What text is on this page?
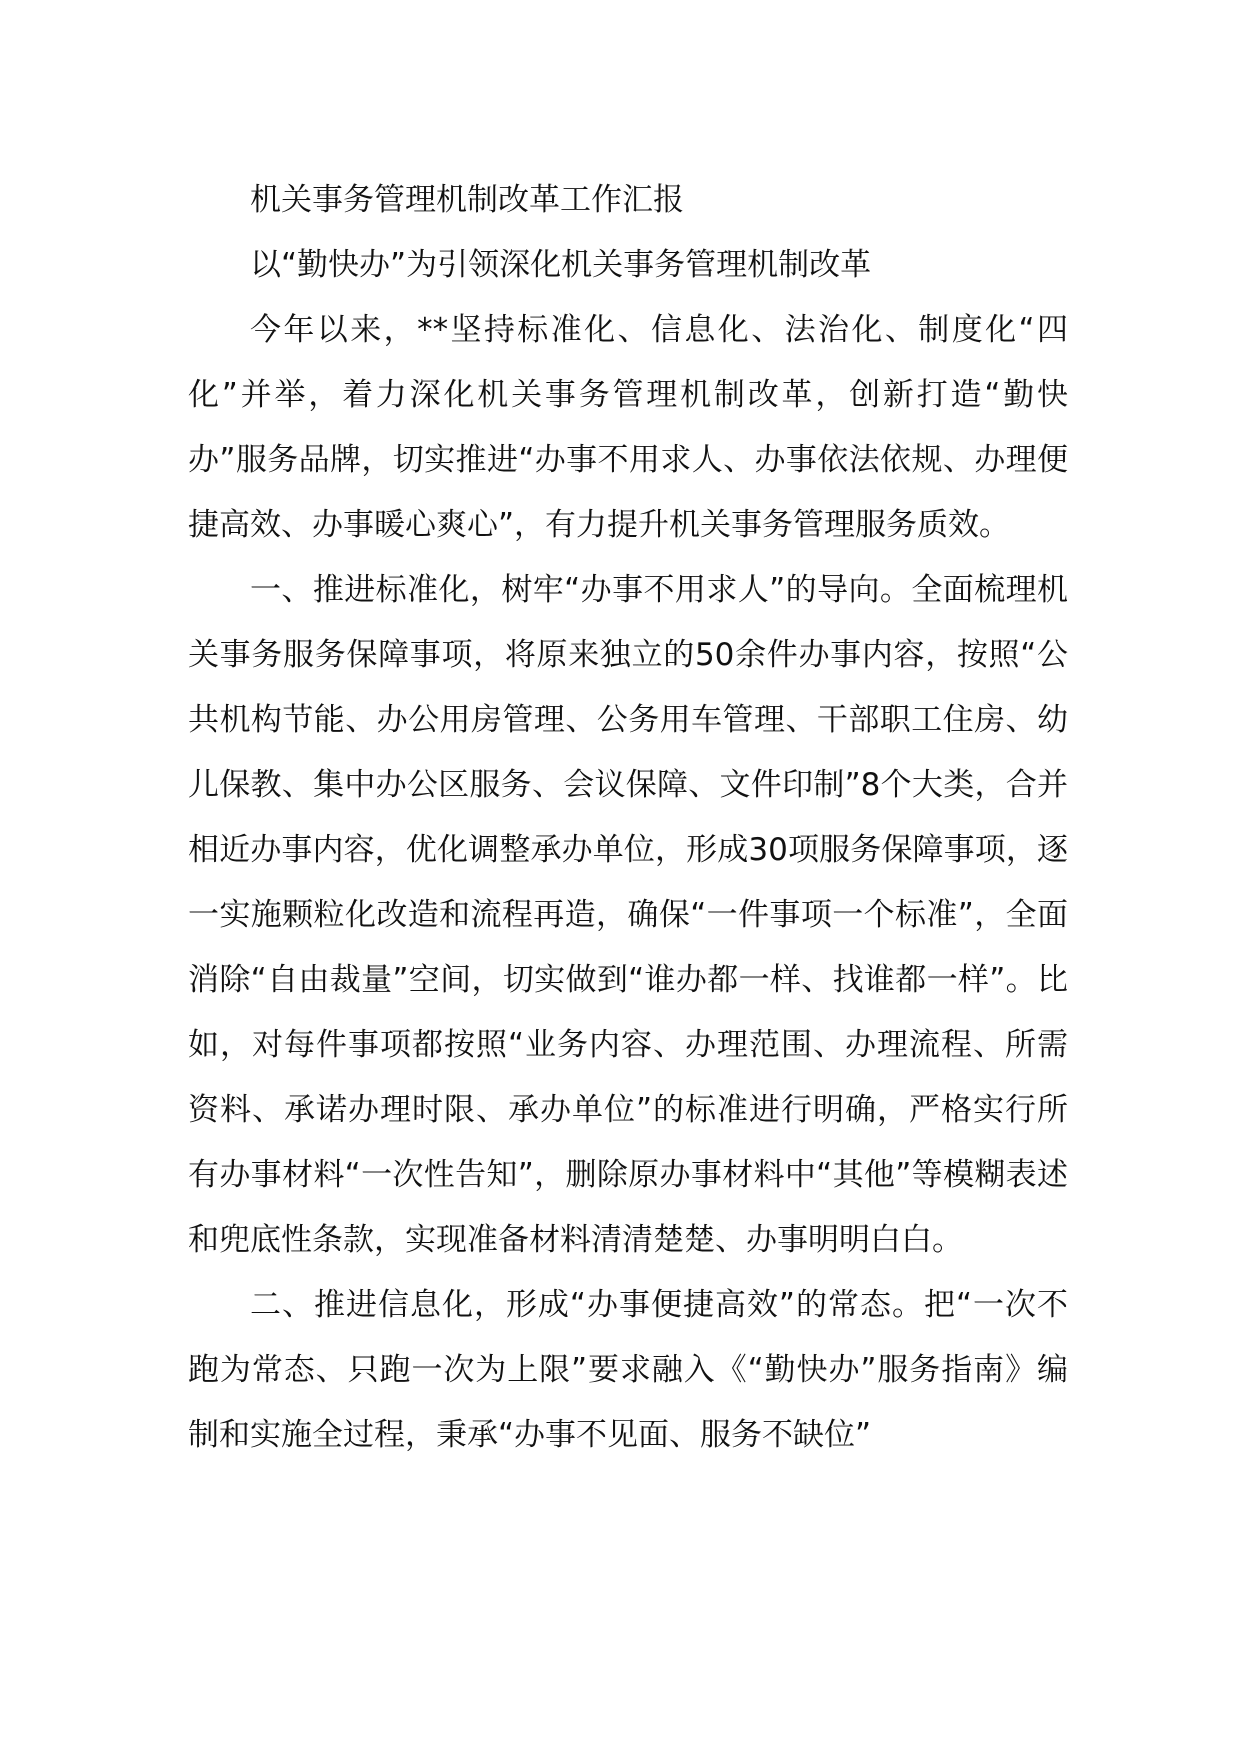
机关事务管理机制改革工作汇报

以“勤快办”为引领深化机关事务管理机制改革

今年以来，**坚持标准化、信息化、法治化、制度化“四化”并举，着力深化机关事务管理机制改革，创新打造“勤快办”服务品牌，切实推进“办事不用求人、办事依法依规、办理便捷高效、办事暖心爽心”，有力提升机关事务管理服务质效。

一、推进标准化，树牢“办事不用求人”的导向。全面梳理机关事务服务保障事项，将原来独立的50余件办事内容，按照“公共机构节能、办公用房管理、公务用车管理、干部职工住房、幼儿保教、集中办公区服务、会议保障、文件印制”8个大类，合并相近办事内容，优化调整承办单位，形成30项服务保障事项，逐一实施颗粒化改造和流程再造，确保“一件事项一个标准”，全面消除“自由裁量”空间，切实做到“谁办都一样、找谁都一样”。比如，对每件事项都按照“业务内容、办理范围、办理流程、所需资料、承诺办理时限、承办单位”的标准进行明确，严格实行所有办事材料“一次性告知”，删除原办事材料中“其他”等模糊表述和兜底性条款，实现准备材料清清楚楚、办事明明白白。

二、推进信息化，形成“办事便捷高效”的常态。把“一次不跑为常态、只跑一次为上限”要求融入《“勤快办”服务指南》编制和实施全过程，秉承“办事不见面、服务不缺位”
